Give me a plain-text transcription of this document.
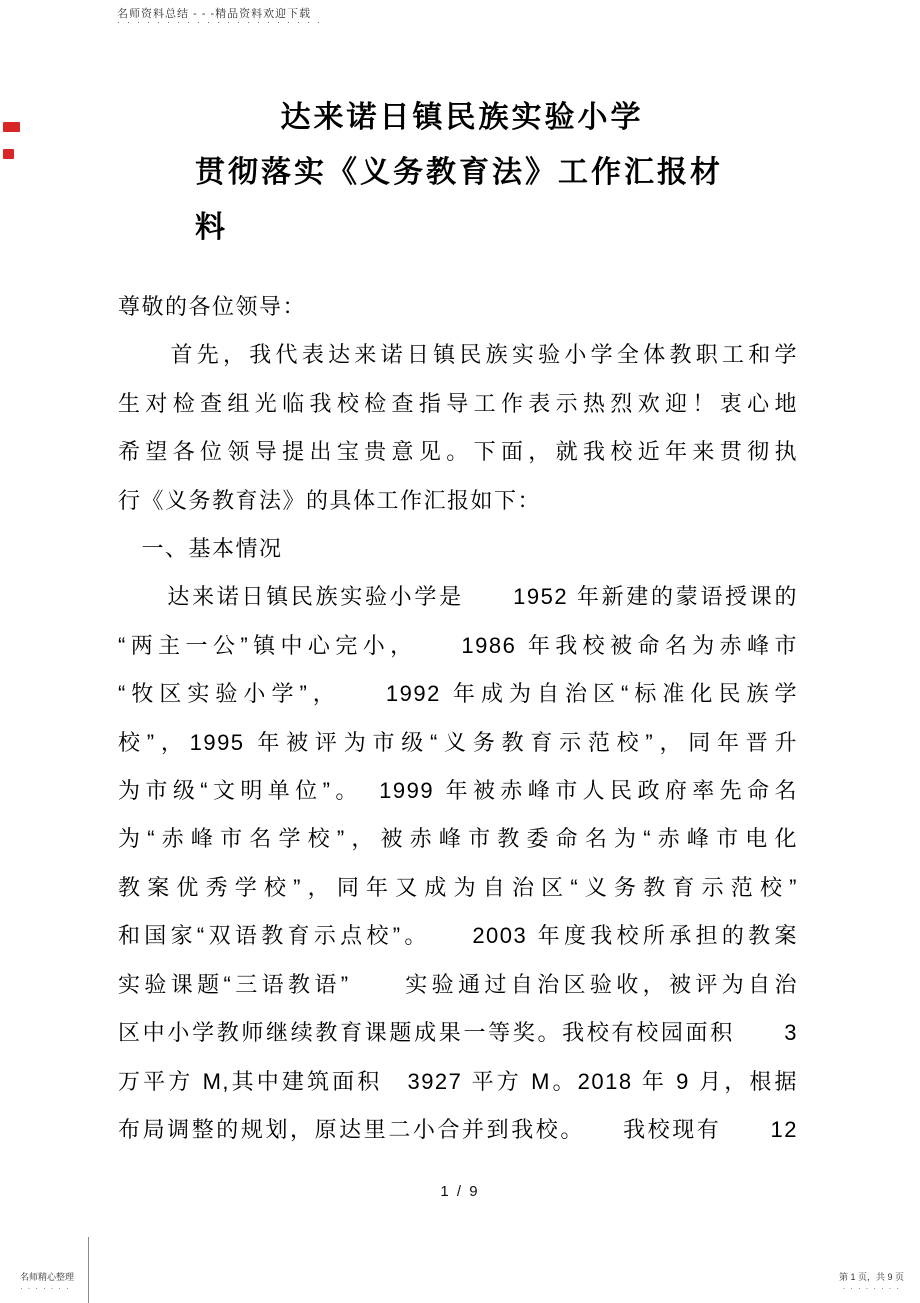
名师资料总结 - - -精品资料欢迎下载
·····················
达来诺日镇民族实验小学
贯彻落实《义务教育法》工作汇报材
料
尊敬的各位领导：
　　首先，我代表达来诺日镇民族实验小学全体教职工和学
生对检查组光临我校检查指导工作表示热烈欢迎！衷心地
希望各位领导提出宝贵意见。下面，就我校近年来贯彻执
行《义务教育法》的具体工作汇报如下：
　一、基本情况
　　达来诺日镇民族实验小学是　　1952 年新建的蒙语授课的
“两主一公”镇中心完小，　　1986 年我校被命名为赤峰市
“牧区实验小学”，　　1992 年成为自治区“标准化民族学
校”，1995 年被评为市级“义务教育示范校”，同年晋升
为市级“文明单位”。　1999 年被赤峰市人民政府率先命名
为“赤峰市名学校”，被赤峰市教委命名为“赤峰市电化
教案优秀学校”，同年又成为自治区“义务教育示范校”
和国家“双语教育示点校”。　　2003 年度我校所承担的教案
实验课题“三语教语”　　实验通过自治区验收，被评为自治
区中小学教师继续教育课题成果一等奖。我校有校园面积　　3
万平方 M,其中建筑面积　3927 平方 M。2018 年 9 月，根据
布局调整的规划，原达里二小合并到我校。　　我校现有　　12
1 / 9
名师精心整理
·······
第 1 页，共 9 页
········
